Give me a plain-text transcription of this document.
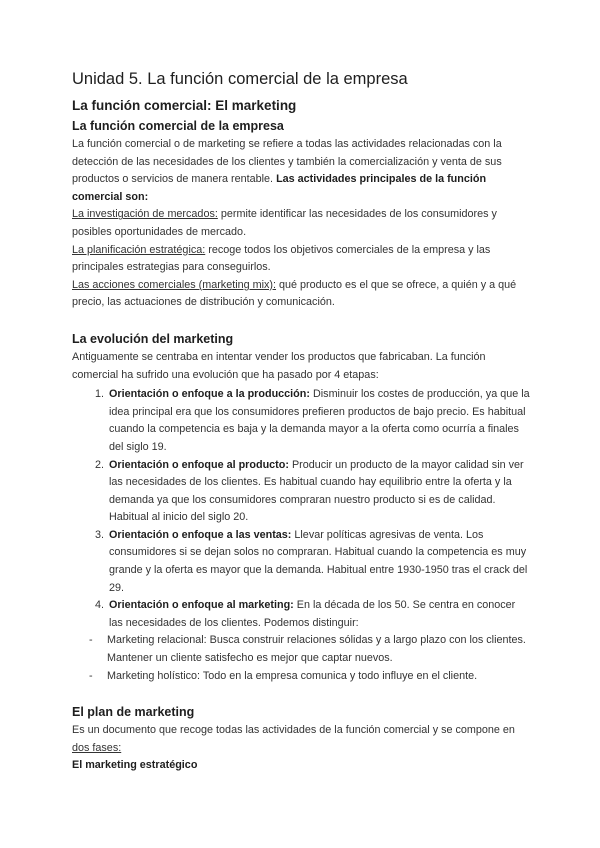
Unidad 5. La función comercial de la empresa
La función comercial: El marketing
La función comercial de la empresa

La función comercial o de marketing se refiere a todas las actividades relacionadas con la detección de las necesidades de los clientes y también la comercialización y venta de sus productos o servicios de manera rentable. Las actividades principales de la función comercial son:

La investigación de mercados: permite identificar las necesidades de los consumidores y posibles oportunidades de mercado.

La planificación estratégica: recoge todos los objetivos comerciales de la empresa y las principales estrategias para conseguirlos.

Las acciones comerciales (marketing mix): qué producto es el que se ofrece, a quién y a qué precio, las actuaciones de distribución y comunicación.

La evolución del marketing

Antiguamente se centraba en intentar vender los productos que fabricaban. La función comercial ha sufrido una evolución que ha pasado por 4 etapas:

1. Orientación o enfoque a la producción: Disminuir los costes de producción, ya que la idea principal era que los consumidores prefieren productos de bajo precio. Es habitual cuando la competencia es baja y la demanda mayor a la oferta como ocurría a finales del siglo 19.
2. Orientación o enfoque al producto: Producir un producto de la mayor calidad sin ver las necesidades de los clientes. Es habitual cuando hay equilibrio entre la oferta y la demanda ya que los consumidores compraran nuestro producto si es de calidad. Habitual al inicio del siglo 20.
3. Orientación o enfoque a las ventas: Llevar políticas agresivas de venta. Los consumidores si se dejan solos no compraran. Habitual cuando la competencia es muy grande y la oferta es mayor que la demanda. Habitual entre 1930-1950 tras el crack del 29.
4. Orientación o enfoque al marketing: En la década de los 50. Se centra en conocer las necesidades de los clientes. Podemos distinguir:
- Marketing relacional: Busca construir relaciones sólidas y a largo plazo con los clientes. Mantener un cliente satisfecho es mejor que captar nuevos.
- Marketing holístico: Todo en la empresa comunica y todo influye en el cliente.
El plan de marketing

Es un documento que recoge todas las actividades de la función comercial y se compone en dos fases:

El marketing estratégico
